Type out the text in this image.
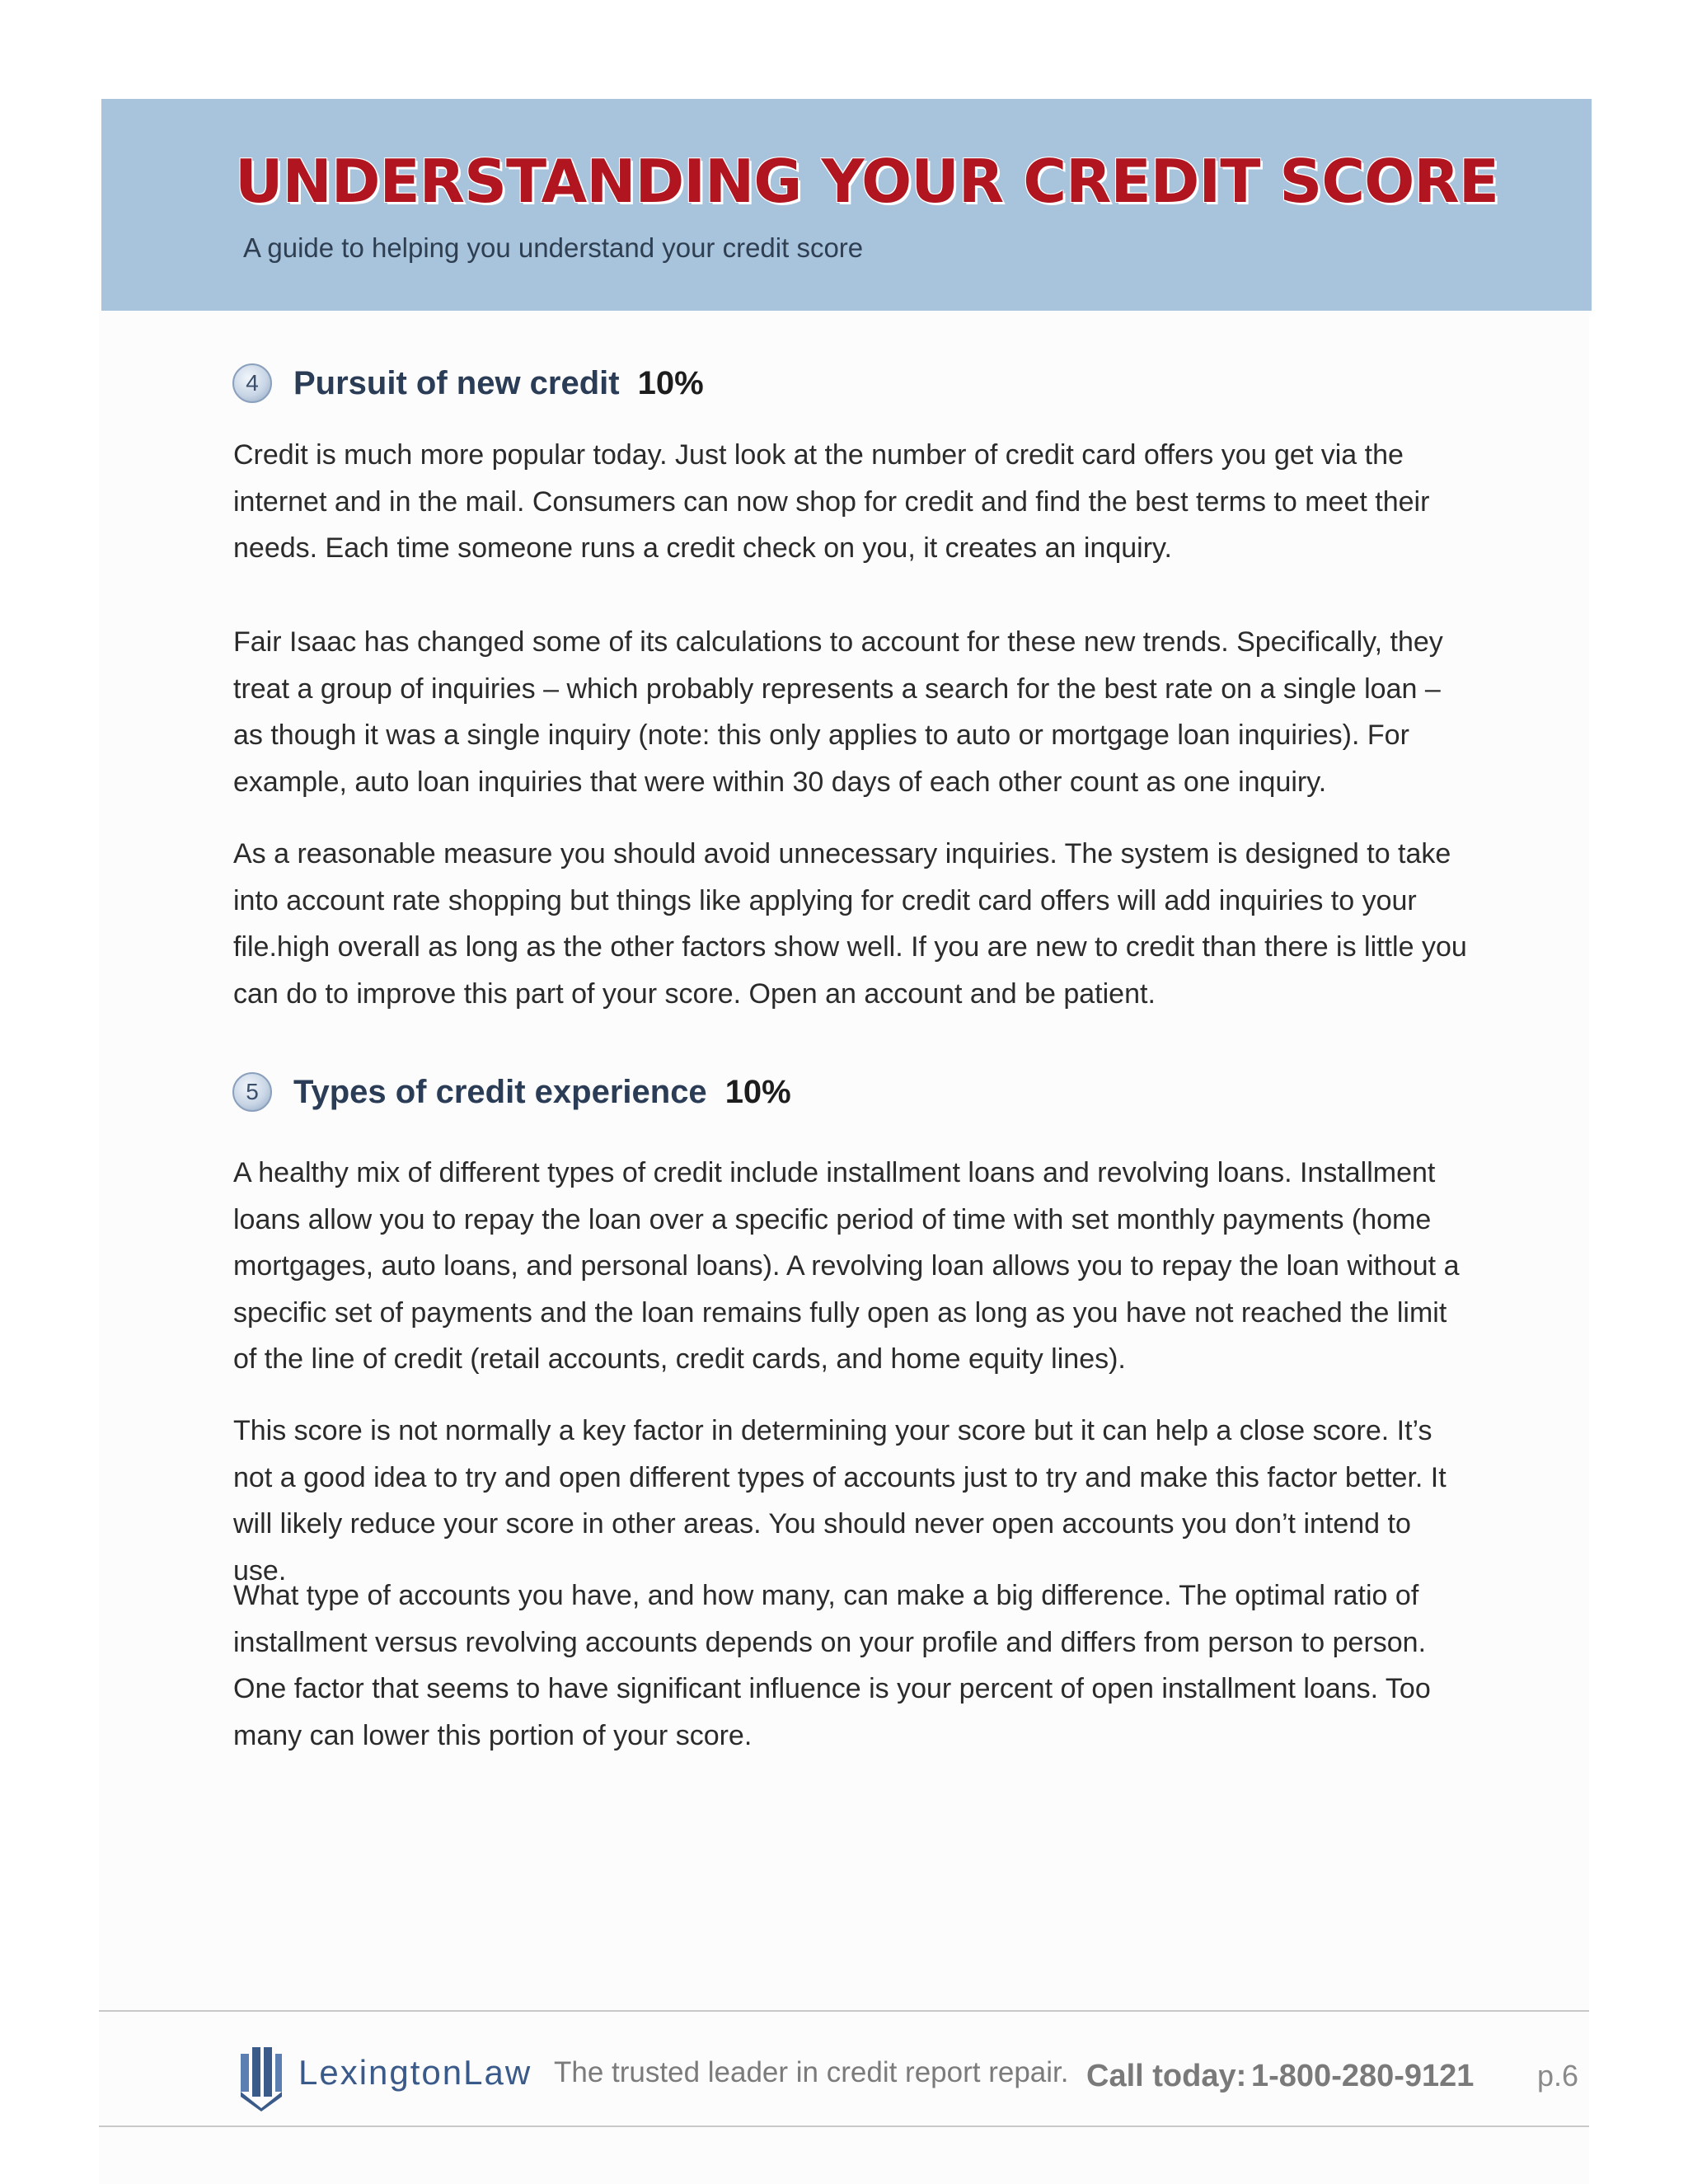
UNDERSTANDING YOUR CREDIT SCORE
A guide to helping you understand your credit score
4	Pursuit of new credit 10%

Credit is much more popular today. Just look at the number of credit card offers you get via the internet and in the mail. Consumers can now shop for credit and find the best terms to meet their needs. Each time someone runs a credit check on you, it creates an inquiry.

Fair Isaac has changed some of its calculations to account for these new trends. Specifically, they treat a group of inquiries – which probably represents a search for the best rate on a single loan – as though it was a single inquiry (note: this only applies to auto or mortgage loan inquiries). For example, auto loan inquiries that were within 30 days of each other count as one inquiry.

As a reasonable measure you should avoid unnecessary inquiries. The system is designed to take into account rate shopping but things like applying for credit card offers will add inquiries to your file.high overall as long as the other factors show well. If you are new to credit than there is little you can do to improve this part of your score. Open an account and be patient.

5	Types of credit experience 10%

A healthy mix of different types of credit include installment loans and revolving loans. Installment loans allow you to repay the loan over a specific period of time with set monthly payments (home mortgages, auto loans, and personal loans). A revolving loan allows you to repay the loan without a specific set of payments and the loan remains fully open as long as you have not reached the limit of the line of credit (retail accounts, credit cards, and home equity lines).

This score is not normally a key factor in determining your score but it can help a close score. It’s not a good idea to try and open different types of accounts just to try and make this factor better. It will likely reduce your score in other areas. You should never open accounts you don’t intend to use.

What type of accounts you have, and how many, can make a big difference. The optimal ratio of installment versus revolving accounts depends on your profile and differs from person to person. One factor that seems to have significant influence is your percent of open installment loans. Too many can lower this portion of your score.

LexingtonLaw The trusted leader in credit report repair. Call today: 1-800-280-9121 p.6
